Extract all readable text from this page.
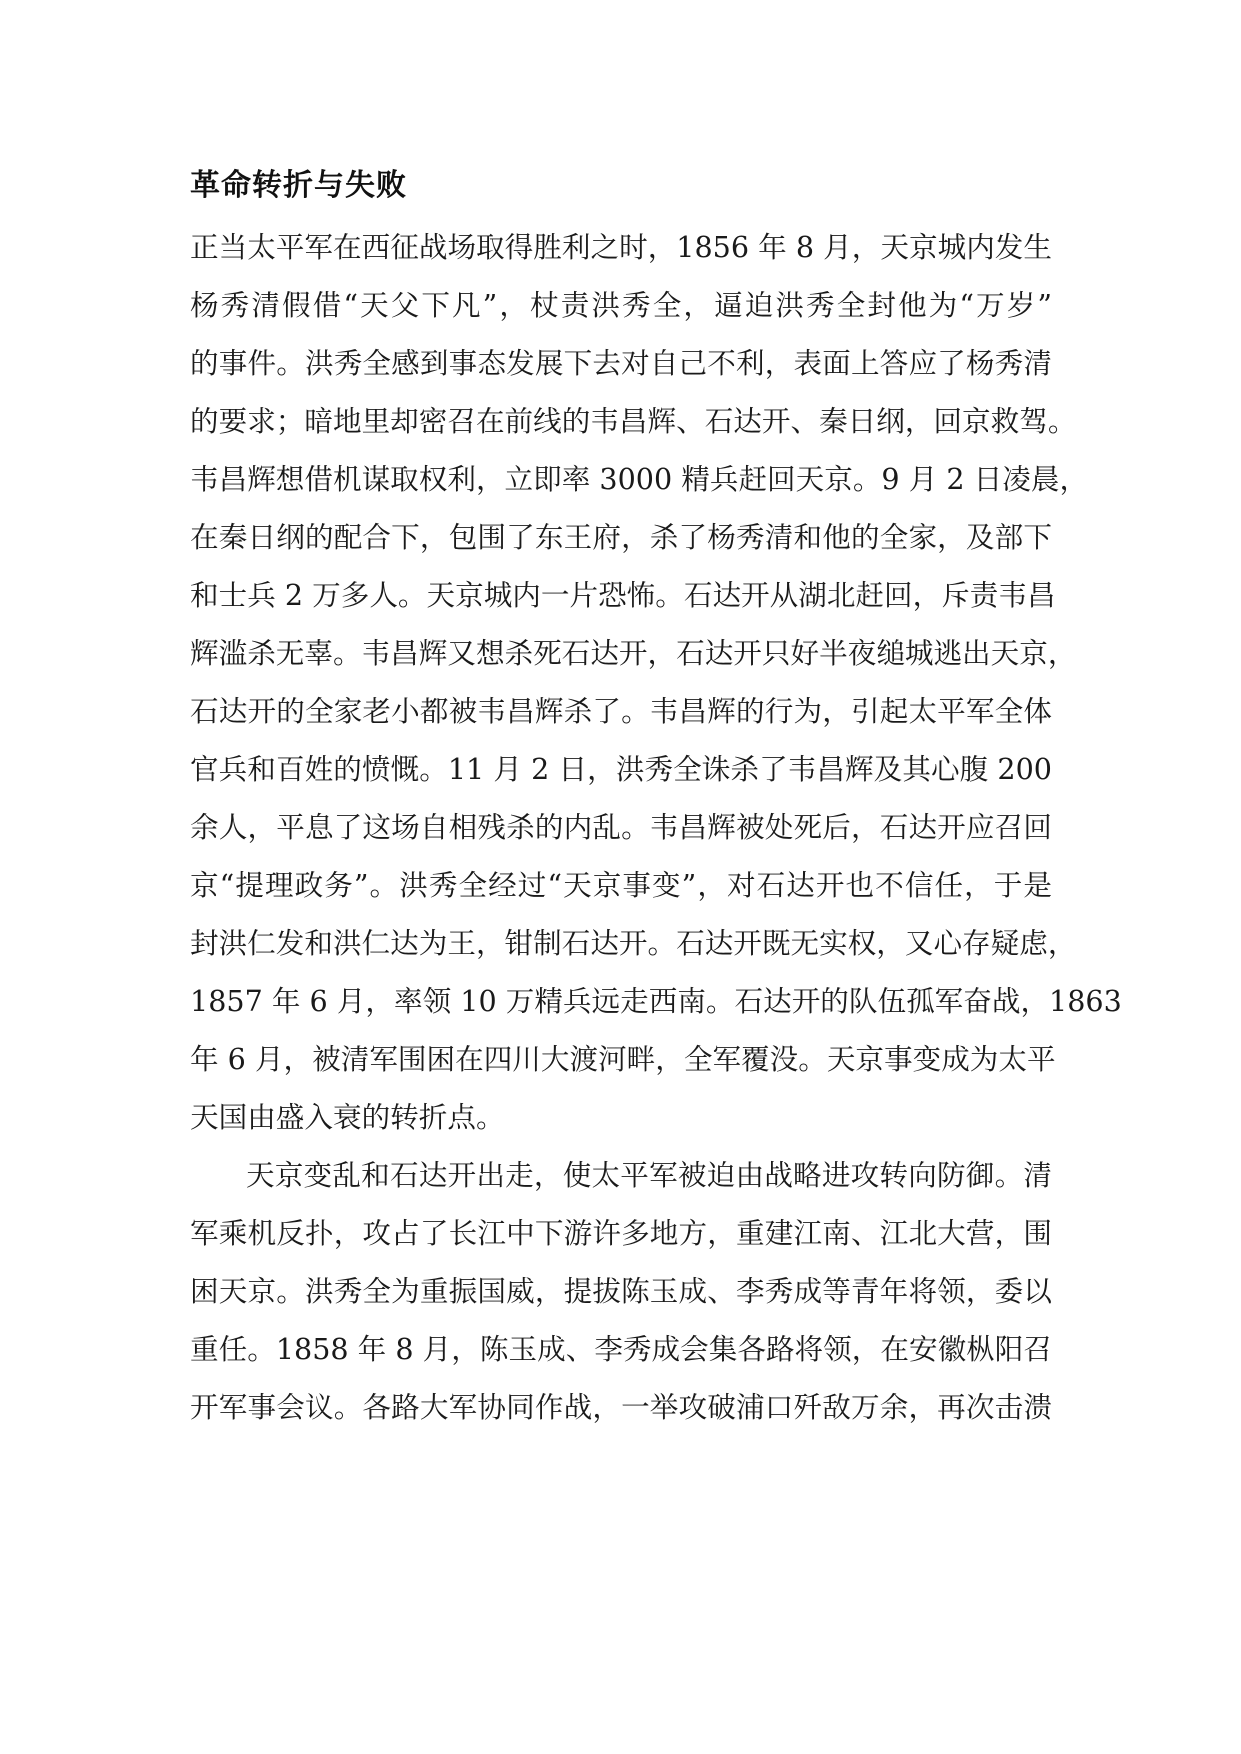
革命转折与失败
正当太平军在西征战场取得胜利之时，1856 年 8 月，天京城内发生
杨秀清假借“天父下凡”，杖责洪秀全，逼迫洪秀全封他为“万岁”
的事件。洪秀全感到事态发展下去对自己不利，表面上答应了杨秀清
的要求；暗地里却密召在前线的韦昌辉、石达开、秦日纲，回京救驾。
韦昌辉想借机谋取权利，立即率 3000 精兵赶回天京。9 月 2 日凌晨，
在秦日纲的配合下，包围了东王府，杀了杨秀清和他的全家，及部下
和士兵 2 万多人。天京城内一片恐怖。石达开从湖北赶回，斥责韦昌
辉滥杀无辜。韦昌辉又想杀死石达开，石达开只好半夜缒城逃出天京，
石达开的全家老小都被韦昌辉杀了。韦昌辉的行为，引起太平军全体
官兵和百姓的愤慨。11 月 2 日，洪秀全诛杀了韦昌辉及其心腹 200
余人，平息了这场自相残杀的内乱。韦昌辉被处死后，石达开应召回
京“提理政务”。洪秀全经过“天京事变”，对石达开也不信任，于是
封洪仁发和洪仁达为王，钳制石达开。石达开既无实权，又心存疑虑，
1857 年 6 月，率领 10 万精兵远走西南。石达开的队伍孤军奋战，1863
年 6 月，被清军围困在四川大渡河畔，全军覆没。天京事变成为太平
天国由盛入衰的转折点。
天京变乱和石达开出走，使太平军被迫由战略进攻转向防御。清
军乘机反扑，攻占了长江中下游许多地方，重建江南、江北大营，围
困天京。洪秀全为重振国威，提拔陈玉成、李秀成等青年将领，委以
重任。1858 年 8 月，陈玉成、李秀成会集各路将领，在安徽枞阳召
开军事会议。各路大军协同作战，一举攻破浦口歼敌万余，再次击溃
